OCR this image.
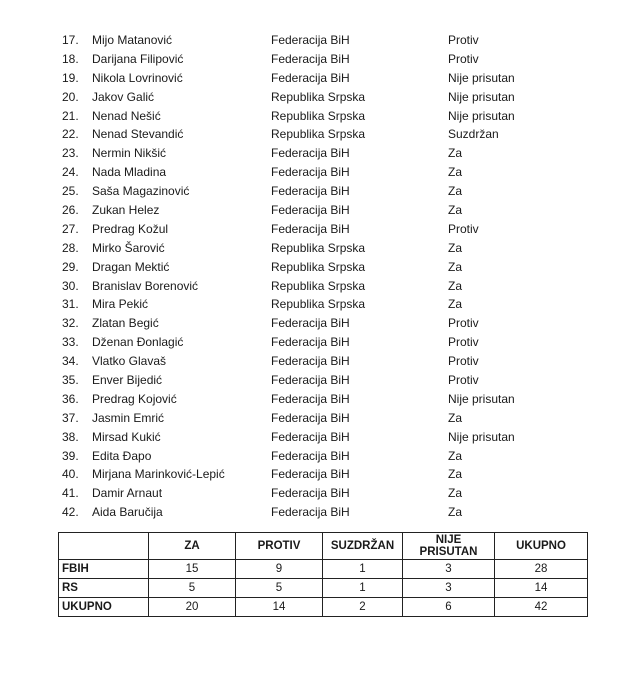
17. Mijo Matanović	Federacija BiH	Protiv
18. Darijana Filipović	Federacija BiH	Protiv
19. Nikola Lovrinović	Federacija BiH	Nije prisutan
20. Jakov Galić	Republika Srpska	Nije prisutan
21. Nenad Nešić	Republika Srpska	Nije prisutan
22. Nenad Stevandić	Republika Srpska	Suzdržan
23. Nermin Nikšić	Federacija BiH	Za
24. Nada Mladina	Federacija BiH	Za
25. Saša Magazinović	Federacija BiH	Za
26. Zukan Helez	Federacija BiH	Za
27. Predrag Kožul	Federacija BiH	Protiv
28. Mirko Šarović	Republika Srpska	Za
29. Dragan Mektić	Republika Srpska	Za
30. Branislav Borenović	Republika Srpska	Za
31. Mira Pekić	Republika Srpska	Za
32. Zlatan Begić	Federacija BiH	Protiv
33. Dženan Đonlagić	Federacija BiH	Protiv
34. Vlatko Glavaš	Federacija BiH	Protiv
35. Enver Bijedić	Federacija BiH	Protiv
36. Predrag Kojović	Federacija BiH	Nije prisutan
37. Jasmin Emrić	Federacija BiH	Za
38. Mirsad Kukić	Federacija BiH	Nije prisutan
39. Edita Đapo	Federacija BiH	Za
40. Mirjana Marinković-Lepić	Federacija BiH	Za
41. Damir Arnaut	Federacija BiH	Za
42. Aida Baručija	Federacija BiH	Za
	ZA	PROTIV	SUZDRŽAN	NIJE PRISUTAN	UKUPNO
FBIH	15	9	1	3	28
RS	5	5	1	3	14
UKUPNO	20	14	2	6	42
